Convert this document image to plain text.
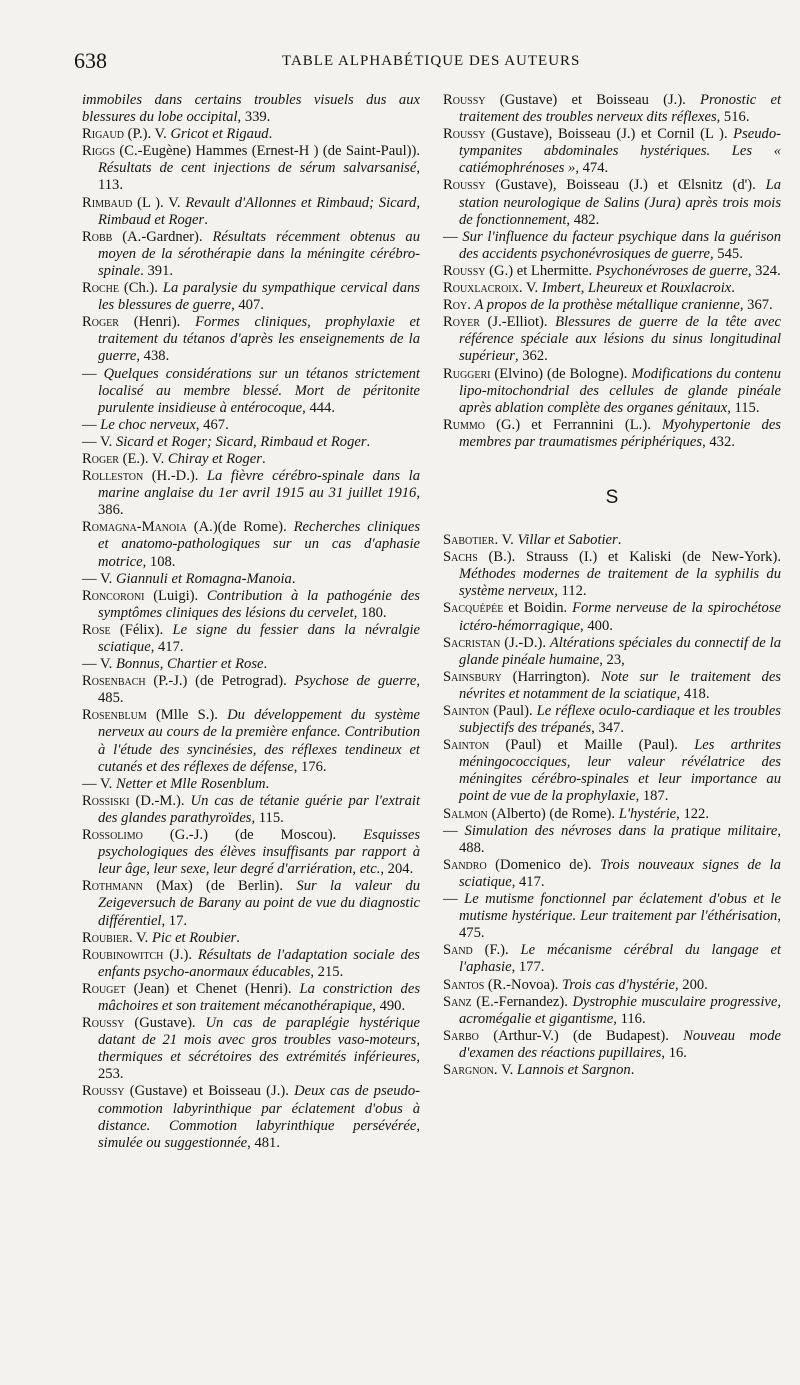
638	TABLE ALPHABÉTIQUE DES AUTEURS

immobiles dans certains troubles visuels dus aux blessures du lobe occipital, 339.

Rigaud (P.). V. Gricot et Rigaud.

Riggs (C.-Eugène) Hammes (Ernest-H ) (de Saint-Paul)). Résultats de cent injections de sérum salvarsanisé, 113.

Rimbaud (L ). V. Revault d'Allonnes et Rimbaud; Sicard, Rimbaud et Roger.

Robb (A.-Gardner). Résultats récemment obtenus au moyen de la sérothérapie dans la méningite cérébro-spinale. 391.

Roche (Ch.). La paralysie du sympathique cervical dans les blessures de guerre, 407.

Roger (Henri). Formes cliniques, prophylaxie et traitement du tétanos d'après les enseignements de la guerre, 438.

— Quelques considérations sur un tétanos strictement localisé au membre blessé. Mort de péritonite purulente insidieuse à entérocoque, 444.

— Le choc nerveux, 467.

— V. Sicard et Roger; Sicard, Rimbaud et Roger.

Roger (E.). V. Chiray et Roger.

Rolleston (H.-D.). La fièvre cérébro-spinale dans la marine anglaise du 1er avril 1915 au 31 juillet 1916, 386.

Romagna-Manoia (A.)(de Rome). Recherches cliniques et anatomo-pathologiques sur un cas d'aphasie motrice, 108.

— V. Giannuli et Romagna-Manoia.

Roncoroni (Luigi). Contribution à la pathogénie des symptômes cliniques des lésions du cervelet, 180.

Rose (Félix). Le signe du fessier dans la névralgie sciatique, 417.

— V. Bonnus, Chartier et Rose.

Rosenbach (P.-J.) (de Petrograd). Psychose de guerre, 485.

Rosenblum (Mlle S.). Du développement du système nerveux au cours de la première enfance. Contribution à l'étude des syncinésies, des réflexes tendineux et cutanés et des réflexes de défense, 176.

— V. Netter et Mlle Rosenblum.

Rossiski (D.-M.). Un cas de tétanie guérie par l'extrait des glandes parathyroïdes, 115.

Rossolimo (G.-J.) (de Moscou). Esquisses psychologiques des élèves insuffisants par rapport à leur âge, leur sexe, leur degré d'arriération, etc., 204.

Rothmann (Max) (de Berlin). Sur la valeur du Zeigeversuch de Barany au point de vue du diagnostic différentiel, 17.

Roubier. V. Pic et Roubier.

Roubinowitch (J.). Résultats de l'adaptation sociale des enfants psycho-anormaux éducables, 215.

Rouget (Jean) et Chenet (Henri). La constriction des mâchoires et son traitement mécanothérapique, 490.

Roussy (Gustave). Un cas de paraplégie hystérique datant de 21 mois avec gros troubles vaso-moteurs, thermiques et sécrétoires des extrémités inférieures, 253.

Roussy (Gustave) et Boisseau (J.). Deux cas de pseudo-commotion labyrinthique par éclatement d'obus à distance. Commotion labyrinthique persévérée, simulée ou suggestionnée, 481.

Roussy (Gustave) et Boisseau (J.). Pronostic et traitement des troubles nerveux dits réflexes, 516.

Roussy (Gustave), Boisseau (J.) et Cornil (L ). Pseudo-tympanites abdominales hystériques. Les « catiémophrénoses », 474.

Roussy (Gustave), Boisseau (J.) et Œlsnitz (d'). La station neurologique de Salins (Jura) après trois mois de fonctionnement, 482.

— Sur l'influence du facteur psychique dans la guérison des accidents psychonévrosiques de guerre, 545.

Roussy (G.) et Lhermitte. Psychonévroses de guerre, 324.

Rouxlacroix. V. Imbert, Lheureux et Rouxlacroix.

Roy. A propos de la prothèse métallique cranienne, 367.

Royer (J.-Elliot). Blessures de guerre de la tête avec référence spéciale aux lésions du sinus longitudinal supérieur, 362.

Ruggeri (Elvino) (de Bologne). Modifications du contenu lipo-mitochondrial des cellules de glande pinéale après ablation complète des organes génitaux, 115.

Rummo (G.) et Ferrannini (L.). Myohypertonie des membres par traumatismes périphériques, 432.

S

Sabotier. V. Villar et Sabotier.

Sachs (B.). Strauss (I.) et Kaliski (de New-York). Méthodes modernes de traitement de la syphilis du système nerveux, 112.

Sacquépée et Boidin. Forme nerveuse de la spirochétose ictéro-hémorragique, 400.

Sacristan (J.-D.). Altérations spéciales du connectif de la glande pinéale humaine, 23,

Sainsbury (Harrington). Note sur le traitement des névrites et notamment de la sciatique, 418.

Sainton (Paul). Le réflexe oculo-cardiaque et les troubles subjectifs des trépanés, 347.

Sainton (Paul) et Maille (Paul). Les arthrites méningococciques, leur valeur révélatrice des méningites cérébro-spinales et leur importance au point de vue de la prophylaxie, 187.

Salmon (Alberto) (de Rome). L'hystérie, 122.

— Simulation des névroses dans la pratique militaire, 488.

Sandro (Domenico de). Trois nouveaux signes de la sciatique, 417.

— Le mutisme fonctionnel par éclatement d'obus et le mutisme hystérique. Leur traitement par l'éthérisation, 475.

Sand (F.). Le mécanisme cérébral du langage et l'aphasie, 177.

Santos (R.-Novoa). Trois cas d'hystérie, 200.

Sanz (E.-Fernandez). Dystrophie musculaire progressive, acromégalie et gigantisme, 116.

Sarbo (Arthur-V.) (de Budapest). Nouveau mode d'examen des réactions pupillaires, 16.

Sargnon. V. Lannois et Sargnon.
